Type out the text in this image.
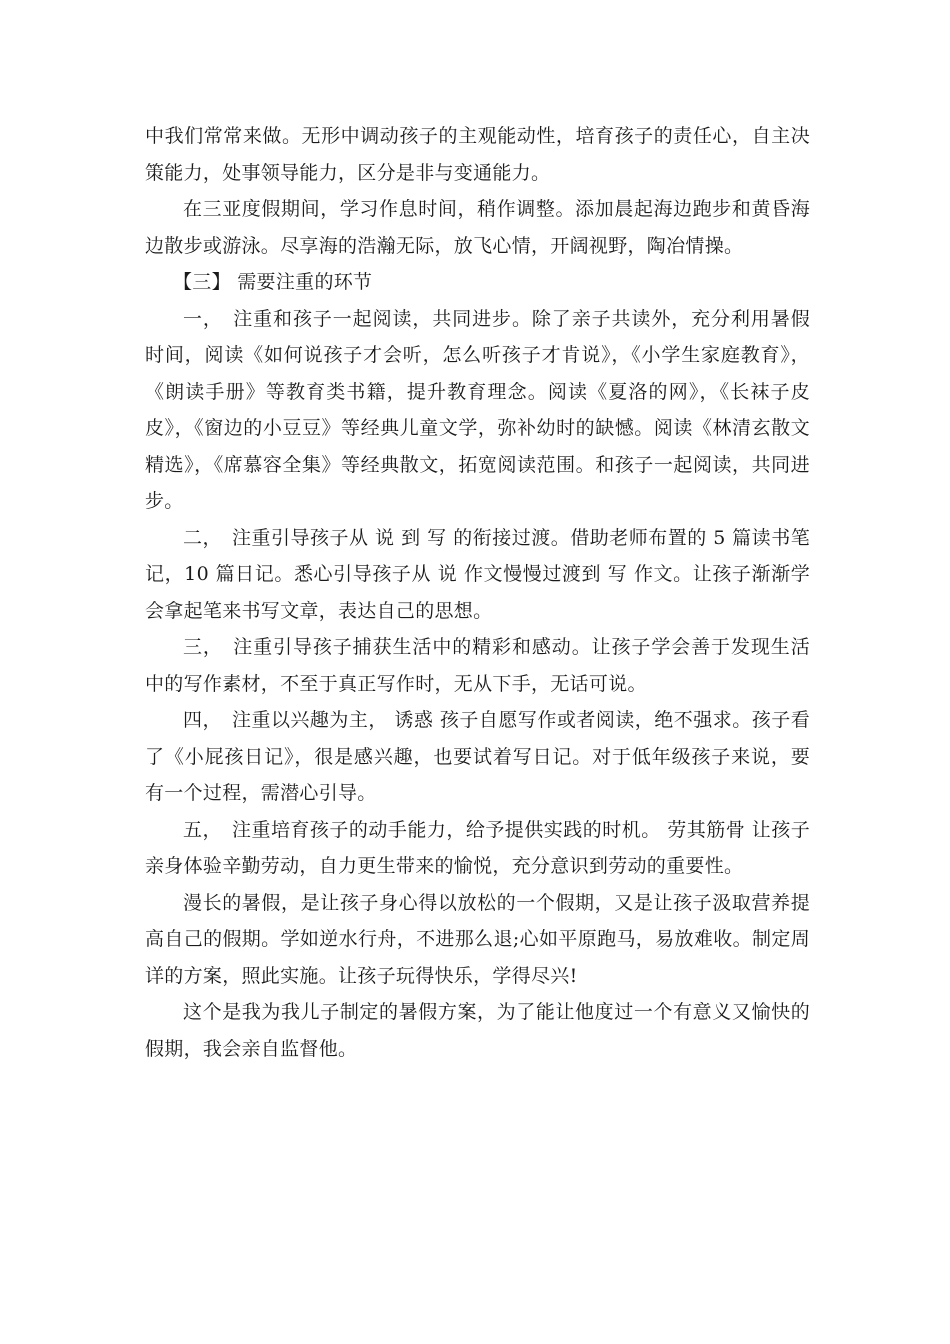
中我们常常来做。无形中调动孩子的主观能动性，培育孩子的责任心，自主决策能力，处事领导能力，区分是非与变通能力。

在三亚度假期间，学习作息时间，稍作调整。添加晨起海边跑步和黄昏海边散步或游泳。尽享海的浩瀚无际，放飞心情，开阔视野，陶冶情操。

【三】 需要注重的环节

一，　注重和孩子一起阅读，共同进步。除了亲子共读外，充分利用暑假时间，阅读《如何说孩子才会听，怎么听孩子才肯说》，《小学生家庭教育》，《朗读手册》等教育类书籍，提升教育理念。阅读《夏洛的网》，《长袜子皮皮》，《窗边的小豆豆》等经典儿童文学，弥补幼时的缺憾。阅读《林清玄散文精选》，《席慕容全集》等经典散文，拓宽阅读范围。和孩子一起阅读，共同进步。

二，　注重引导孩子从 说 到 写 的衔接过渡。借助老师布置的 5 篇读书笔记，10 篇日记。悉心引导孩子从 说 作文慢慢过渡到 写 作文。让孩子渐渐学会拿起笔来书写文章，表达自己的思想。

三，　注重引导孩子捕获生活中的精彩和感动。让孩子学会善于发现生活中的写作素材，不至于真正写作时，无从下手，无话可说。

四，　注重以兴趣为主， 诱惑 孩子自愿写作或者阅读，绝不强求。孩子看了《小屁孩日记》，很是感兴趣，也要试着写日记。对于低年级孩子来说，要有一个过程，需潜心引导。

五，　注重培育孩子的动手能力，给予提供实践的时机。 劳其筋骨 让孩子亲身体验辛勤劳动，自力更生带来的愉悦，充分意识到劳动的重要性。

漫长的暑假，是让孩子身心得以放松的一个假期，又是让孩子汲取营养提高自己的假期。学如逆水行舟，不进那么退;心如平原跑马，易放难收。制定周详的方案，照此实施。让孩子玩得快乐，学得尽兴!

这个是我为我儿子制定的暑假方案，为了能让他度过一个有意义又愉快的假期，我会亲自监督他。
